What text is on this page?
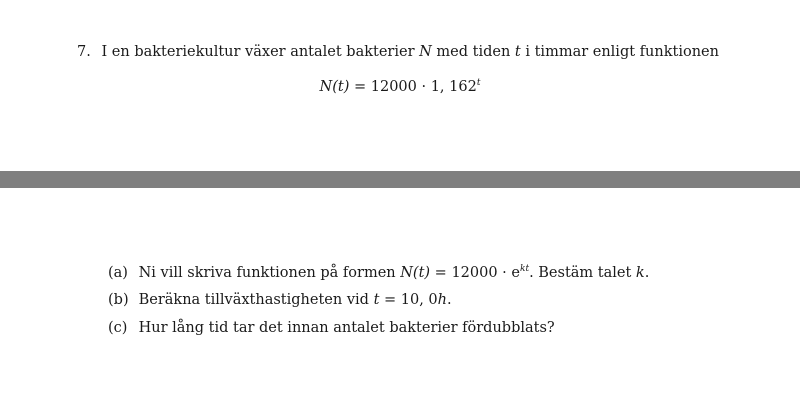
7. I en bakteriekultur växer antalet bakterier N med tiden t i timmar enligt funktionen
N(t) = 12000 · 1, 162$^t$
(a) Ni vill skriva funktionen på formen $N(t) = 12000 \cdot e^{kt}$. Bestäm talet k.
(b) Beräkna tillväxthastigheten vid t = 10, 0h.
(c) Hur lång tid tar det innan antalet bakterier fördubblats?
